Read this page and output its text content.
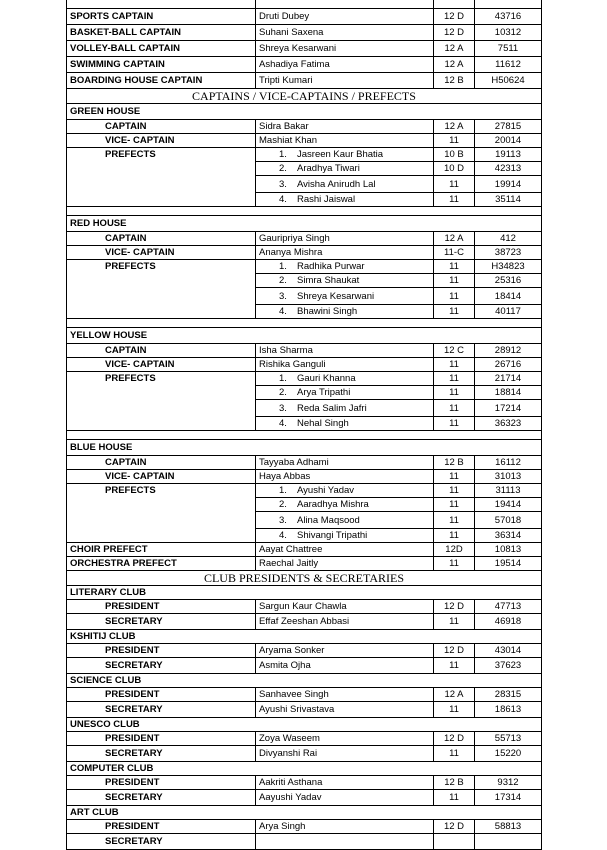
SPORTS CAPTAIN	Druti Dubey	12 D	43716
BASKET-BALL CAPTAIN	Suhani Saxena	12 D	10312
VOLLEY-BALL CAPTAIN	Shreya Kesarwani	12 A	7511
SWIMMING CAPTAIN	Ashadiya Fatima	12 A	11612
BOARDING HOUSE CAPTAIN	Tripti Kumari	12 B	H50624
CAPTAINS / VICE-CAPTAINS / PREFECTS			
GREEN HOUSE			
CAPTAIN	Sidra Bakar	12 A	27815
VICE- CAPTAIN	Mashiat Khan	11	20014
PREFECTS	1. Jasreen Kaur Bhatia	10 B	19113
	2. Aradhya Tiwari	10 D	42313
	3. Avisha Anirudh Lal	11	19914
	4. Rashi Jaiswal	11	35114

RED HOUSE			
CAPTAIN	Gauripriya Singh	12 A	412
VICE- CAPTAIN	Ananya Mishra	11-C	38723
PREFECTS	1. Radhika Purwar	11	H34823
	2. Simra Shaukat	11	25316
	3. Shreya Kesarwani	11	18414
	4. Bhawini Singh	11	40117

YELLOW HOUSE			
CAPTAIN	Isha Sharma	12 C	28912
VICE- CAPTAIN	Rishika Ganguli	11	26716
PREFECTS	1. Gauri Khanna	11	21714
	2. Arya Tripathi	11	18814
	3. Reda Salim Jafri	11	17214
	4. Nehal Singh	11	36323

BLUE HOUSE			
CAPTAIN	Tayyaba Adhami	12 B	16112
VICE- CAPTAIN	Haya Abbas	11	31013
PREFECTS	1. Ayushi Yadav	11	31113
	2. Aaradhya Mishra	11	19414
	3. Alina Maqsood	11	57018
	4. Shivangi Tripathi	11	36314
CHOIR PREFECT	Aayat Chattree	12D	10813
ORCHESTRA PREFECT	Raechal Jaitly	11	19514
CLUB PRESIDENTS & SECRETARIES			
LITERARY CLUB			
PRESIDENT	Sargun Kaur Chawla	12 D	47713
SECRETARY	Effaf Zeeshan Abbasi	11	46918
KSHITIJ CLUB			
PRESIDENT	Aryama Sonker	12 D	43014
SECRETARY	Asmita Ojha	11	37623
SCIENCE CLUB			
PRESIDENT	Sanhavee Singh	12 A	28315
SECRETARY	Ayushi Srivastava	11	18613
UNESCO CLUB			
PRESIDENT	Zoya Waseem	12 D	55713
SECRETARY	Divyanshi Rai	11	15220
COMPUTER CLUB			
PRESIDENT	Aakriti Asthana	12 B	9312
SECRETARY	Aayushi Yadav	11	17314
ART CLUB			
PRESIDENT	Arya Singh	12 D	58813
SECRETARY			
